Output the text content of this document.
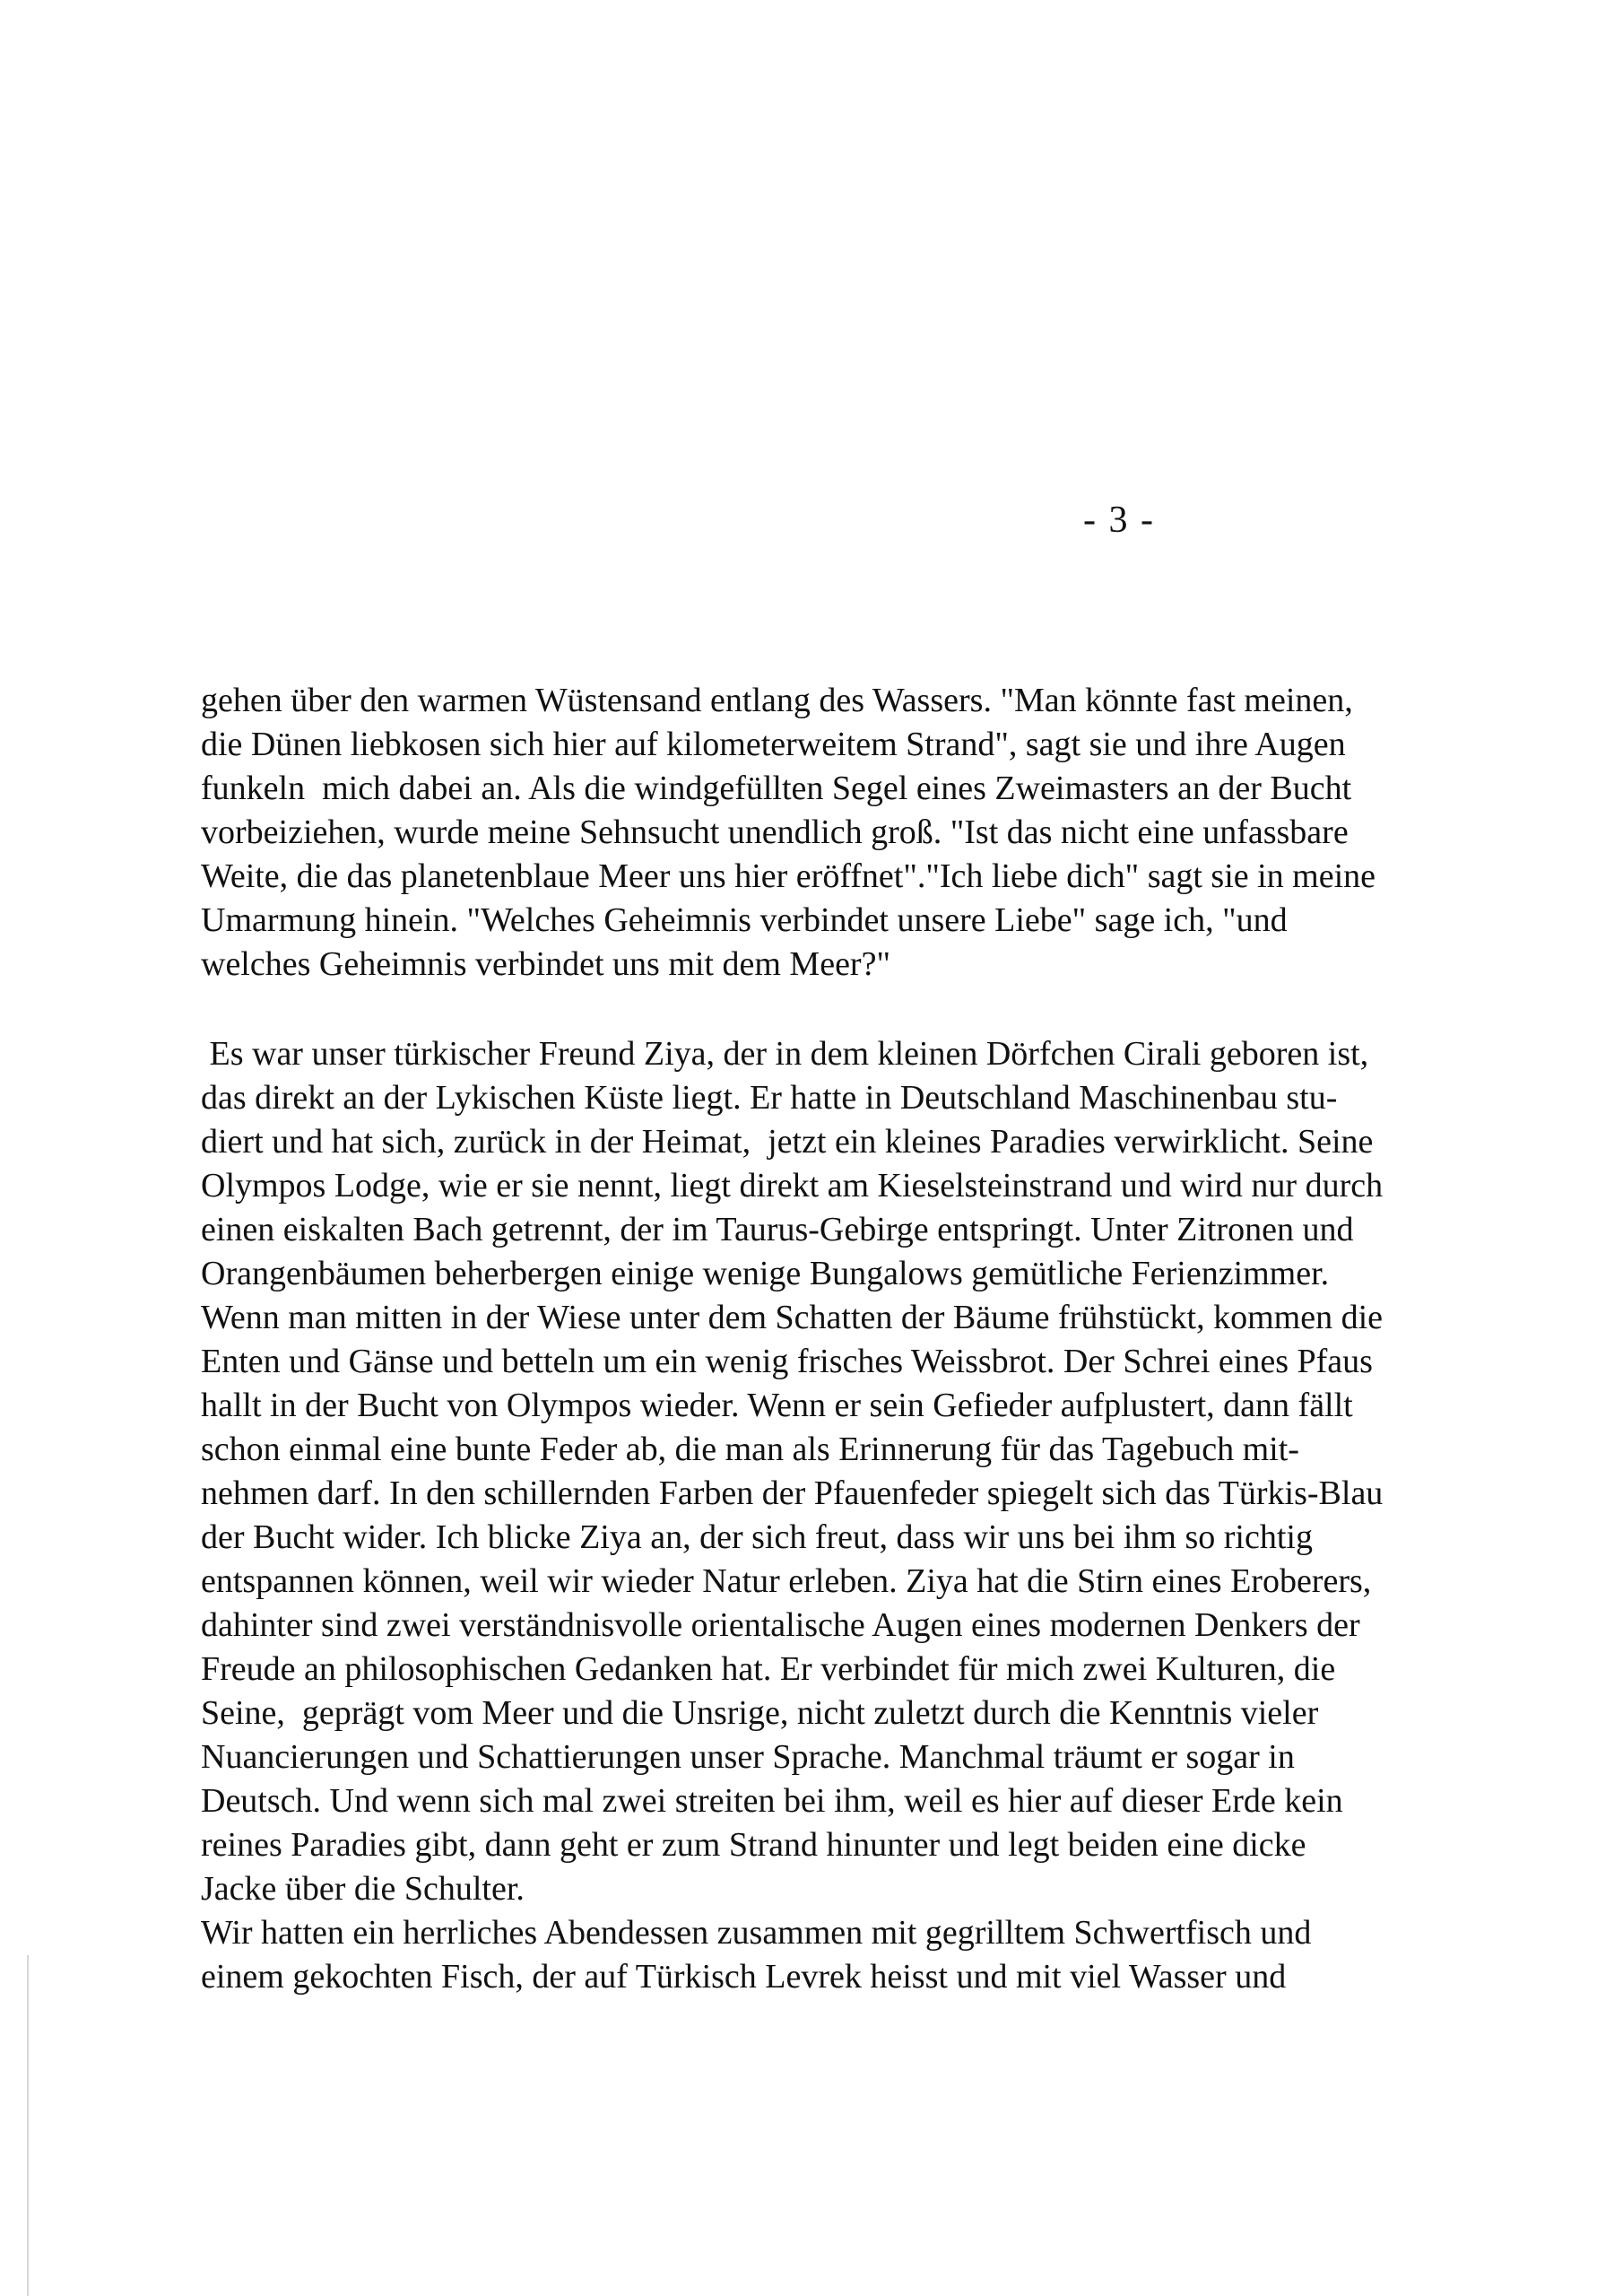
- 3 -
gehen über den warmen Wüstensand entlang des Wassers. "Man könnte fast meinen,
die Dünen liebkosen sich hier auf kilometerweitem Strand", sagt sie und ihre Augen
funkeln  mich dabei an. Als die windgefüllten Segel eines Zweimasters an der Bucht
vorbeiziehen, wurde meine Sehnsucht unendlich groß. "Ist das nicht eine unfassbare
Weite, die das planetenblaue Meer uns hier eröffnet"."Ich liebe dich" sagt sie in meine
Umarmung hinein. "Welches Geheimnis verbindet unsere Liebe" sage ich, "und
welches Geheimnis verbindet uns mit dem Meer?"
Es war unser türkischer Freund Ziya, der in dem kleinen Dörfchen Cirali geboren ist,
das direkt an der Lykischen Küste liegt. Er hatte in Deutschland Maschinenbau stu-
diert und hat sich, zurück in der Heimat,  jetzt ein kleines Paradies verwirklicht. Seine
Olympos Lodge, wie er sie nennt, liegt direkt am Kieselsteinstrand und wird nur durch
einen eiskalten Bach getrennt, der im Taurus-Gebirge entspringt. Unter Zitronen und
Orangenbäumen beherbergen einige wenige Bungalows gemütliche Ferienzimmer.
Wenn man mitten in der Wiese unter dem Schatten der Bäume frühstückt, kommen die
Enten und Gänse und betteln um ein wenig frisches Weissbrot. Der Schrei eines Pfaus
hallt in der Bucht von Olympos wieder. Wenn er sein Gefieder aufplustert, dann fällt
schon einmal eine bunte Feder ab, die man als Erinnerung für das Tagebuch mit-
nehmen darf. In den schillernden Farben der Pfauenfeder spiegelt sich das Türkis-Blau
der Bucht wider. Ich blicke Ziya an, der sich freut, dass wir uns bei ihm so richtig
entspannen können, weil wir wieder Natur erleben. Ziya hat die Stirn eines Eroberers,
dahinter sind zwei verständnisvolle orientalische Augen eines modernen Denkers der
Freude an philosophischen Gedanken hat. Er verbindet für mich zwei Kulturen, die
Seine,  geprägt vom Meer und die Unsrige, nicht zuletzt durch die Kenntnis vieler
Nuancierungen und Schattierungen unser Sprache. Manchmal träumt er sogar in
Deutsch. Und wenn sich mal zwei streiten bei ihm, weil es hier auf dieser Erde kein
reines Paradies gibt, dann geht er zum Strand hinunter und legt beiden eine dicke
Jacke über die Schulter.
Wir hatten ein herrliches Abendessen zusammen mit gegrilltem Schwertfisch und
einem gekochten Fisch, der auf Türkisch Levrek heisst und mit viel Wasser und
